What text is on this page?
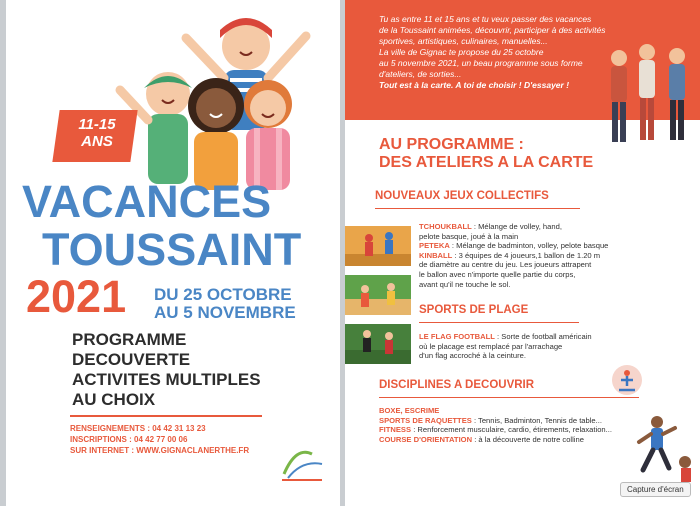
11-15 ANS
VACANCES
TOUSSAINT
2021 DU 25 OCTOBRE
AU 5 NOVEMBRE
PROGRAMME
DECOUVERTE
ACTIVITES MULTIPLES
AU CHOIX
RENSEIGNEMENTS : 04 42 31 13 23
INSCRIPTIONS : 04 42 77 00 06
SUR INTERNET : WWW.GIGNACLANERTHE.FR
Tu as entre 11 et 15 ans et tu veux passer des vacances
de la Toussaint animées, découvrir, participer à des activités
sportives, artistiques, culinaires, manuelles...
La ville de Gignac te propose du 25 octobre
au 5 novembre 2021, un beau programme sous forme
d'ateliers, de sorties...
Tout est à la carte. A toi de choisir ! D'essayer !
AU PROGRAMME :
DES ATELIERS A LA CARTE
NOUVEAUX JEUX COLLECTIFS

TCHOUKBALL : Mélange de volley, hand,
pelote basque, joué à la main
PETEKA : Mélange de badminton, volley, pelote basque
KINBALL : 3 équipes de 4 joueurs,1 ballon de 1.20 m
de diamètre au centre du jeu. Les joueurs attrapent
le ballon avec n'importe quelle partie du corps,
avant qu'il ne touche le sol.
SPORTS DE PLAGE
LE FLAG FOOTBALL : Sorte de football américain
où le placage est remplacé par l'arrachage
d'un flag accroché à la ceinture.
DISCIPLINES A DECOUVRIR
BOXE, ESCRIME
SPORTS DE RAQUETTES : Tennis, Badminton, Tennis de table...
FITNESS : Renforcement musculaire, cardio, étirements, relaxation...
COURSE D'ORIENTATION : à la découverte de notre colline
Capture d'écran
